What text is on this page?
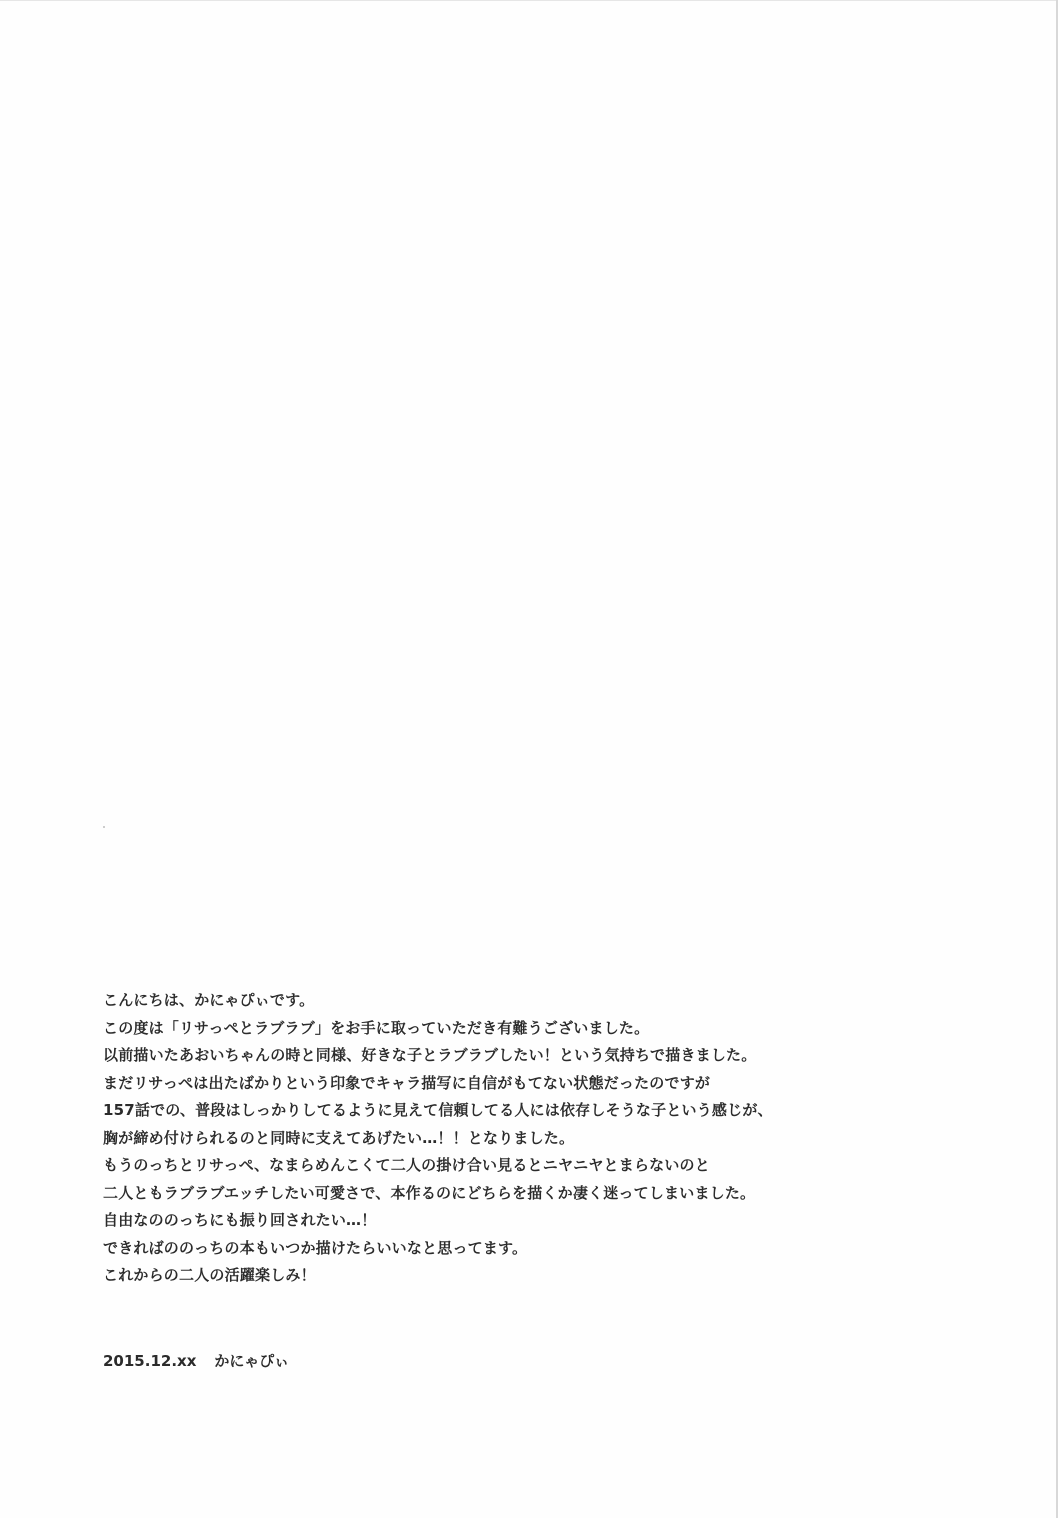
こんにちは、かにゃぴぃです。
この度は「リサっぺとラブラブ」をお手に取っていただき有難うございました。
以前描いたあおいちゃんの時と同様、好きな子とラブラブしたい！という気持ちで描きました。
まだリサっぺは出たばかりという印象でキャラ描写に自信がもてない状態だったのですが
157話での、普段はしっかりしてるように見えて信頼してる人には依存しそうな子という感じが、
胸が締め付けられるのと同時に支えてあげたい…！！となりました。
もうのっちとリサっぺ、なまらめんこくて二人の掛け合い見るとニヤニヤとまらないのと
二人ともラブラブエッチしたい可愛さで、本作るのにどちらを描くか凄く迷ってしまいました。
自由なののっちにも振り回されたい…！
できればののっちの本もいつか描けたらいいなと思ってます。
これからの二人の活躍楽しみ！
2015.12.xx かにゃぴぃ
